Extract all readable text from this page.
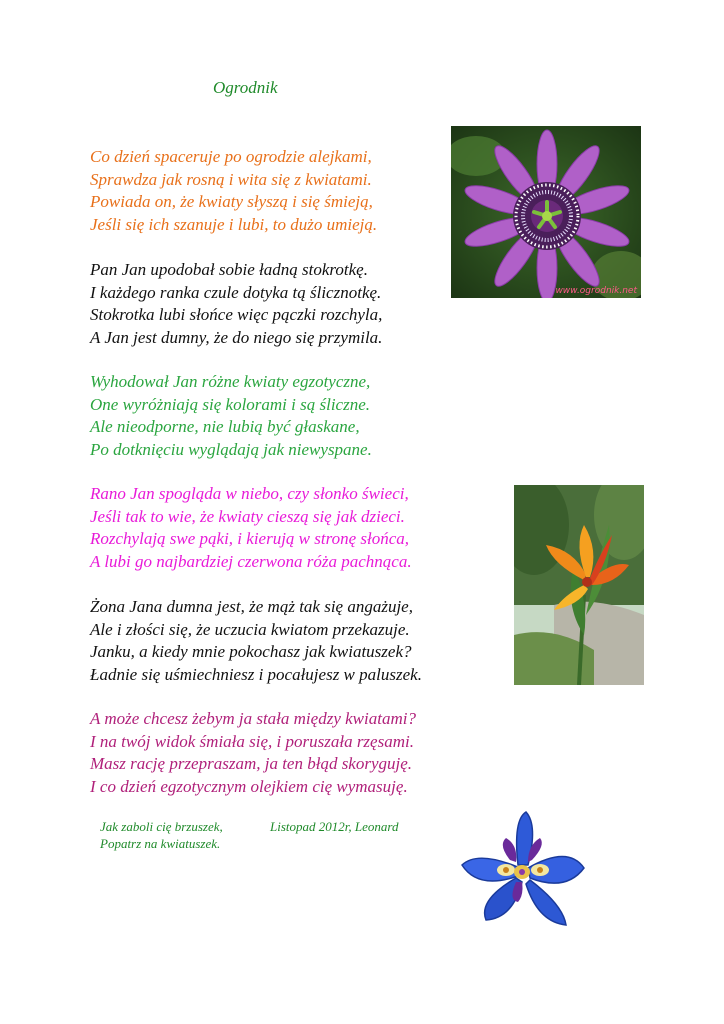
Ogrodnik
Co dzień spaceruje po ogrodzie alejkami,
Sprawdza jak rosną i wita się z kwiatami.
Powiada on, że kwiaty słyszą i się śmieją,
Jeśli się ich szanuje i lubi, to dużo umieją.
Pan Jan upodobał sobie ładną stokrotkę.
I każdego ranka czule dotyka tą ślicznotkę.
Stokrotka lubi słońce więc pączki rozchyla,
A Jan jest dumny, że do niego się przymila.
Wyhodował Jan różne kwiaty egzotyczne,
One wyróżniają się kolorami i są śliczne.
Ale nieodporne, nie lubią być głaskane,
Po dotknięciu wyglądają jak niewyspane.
Rano Jan spogląda w niebo, czy słonko świeci,
Jeśli tak to wie, że kwiaty cieszą się jak dzieci.
Rozchylają swe pąki, i kierują w stronę słońca,
A lubi go najbardziej czerwona róża pachnąca.
Żona Jana dumna jest, że mąż tak się angażuje,
Ale i złości się, że uczucia kwiatom przekazuje.
Janku, a kiedy mnie pokochasz jak kwiatuszek?
Ładnie się uśmiechniesz i pocałujesz w paluszek.
A może chcesz żebym ja stała między kwiatami?
I na twój widok śmiała się, i poruszała rzęsami.
Masz rację przepraszam, ja ten błąd skoryguję.
I co dzień egzotycznym olejkiem cię wymasuję.
Jak zaboli cię brzuszek,
Popatrz na kwiatuszek.
Listopad 2012r, Leonard
www.ogrodnik.net
